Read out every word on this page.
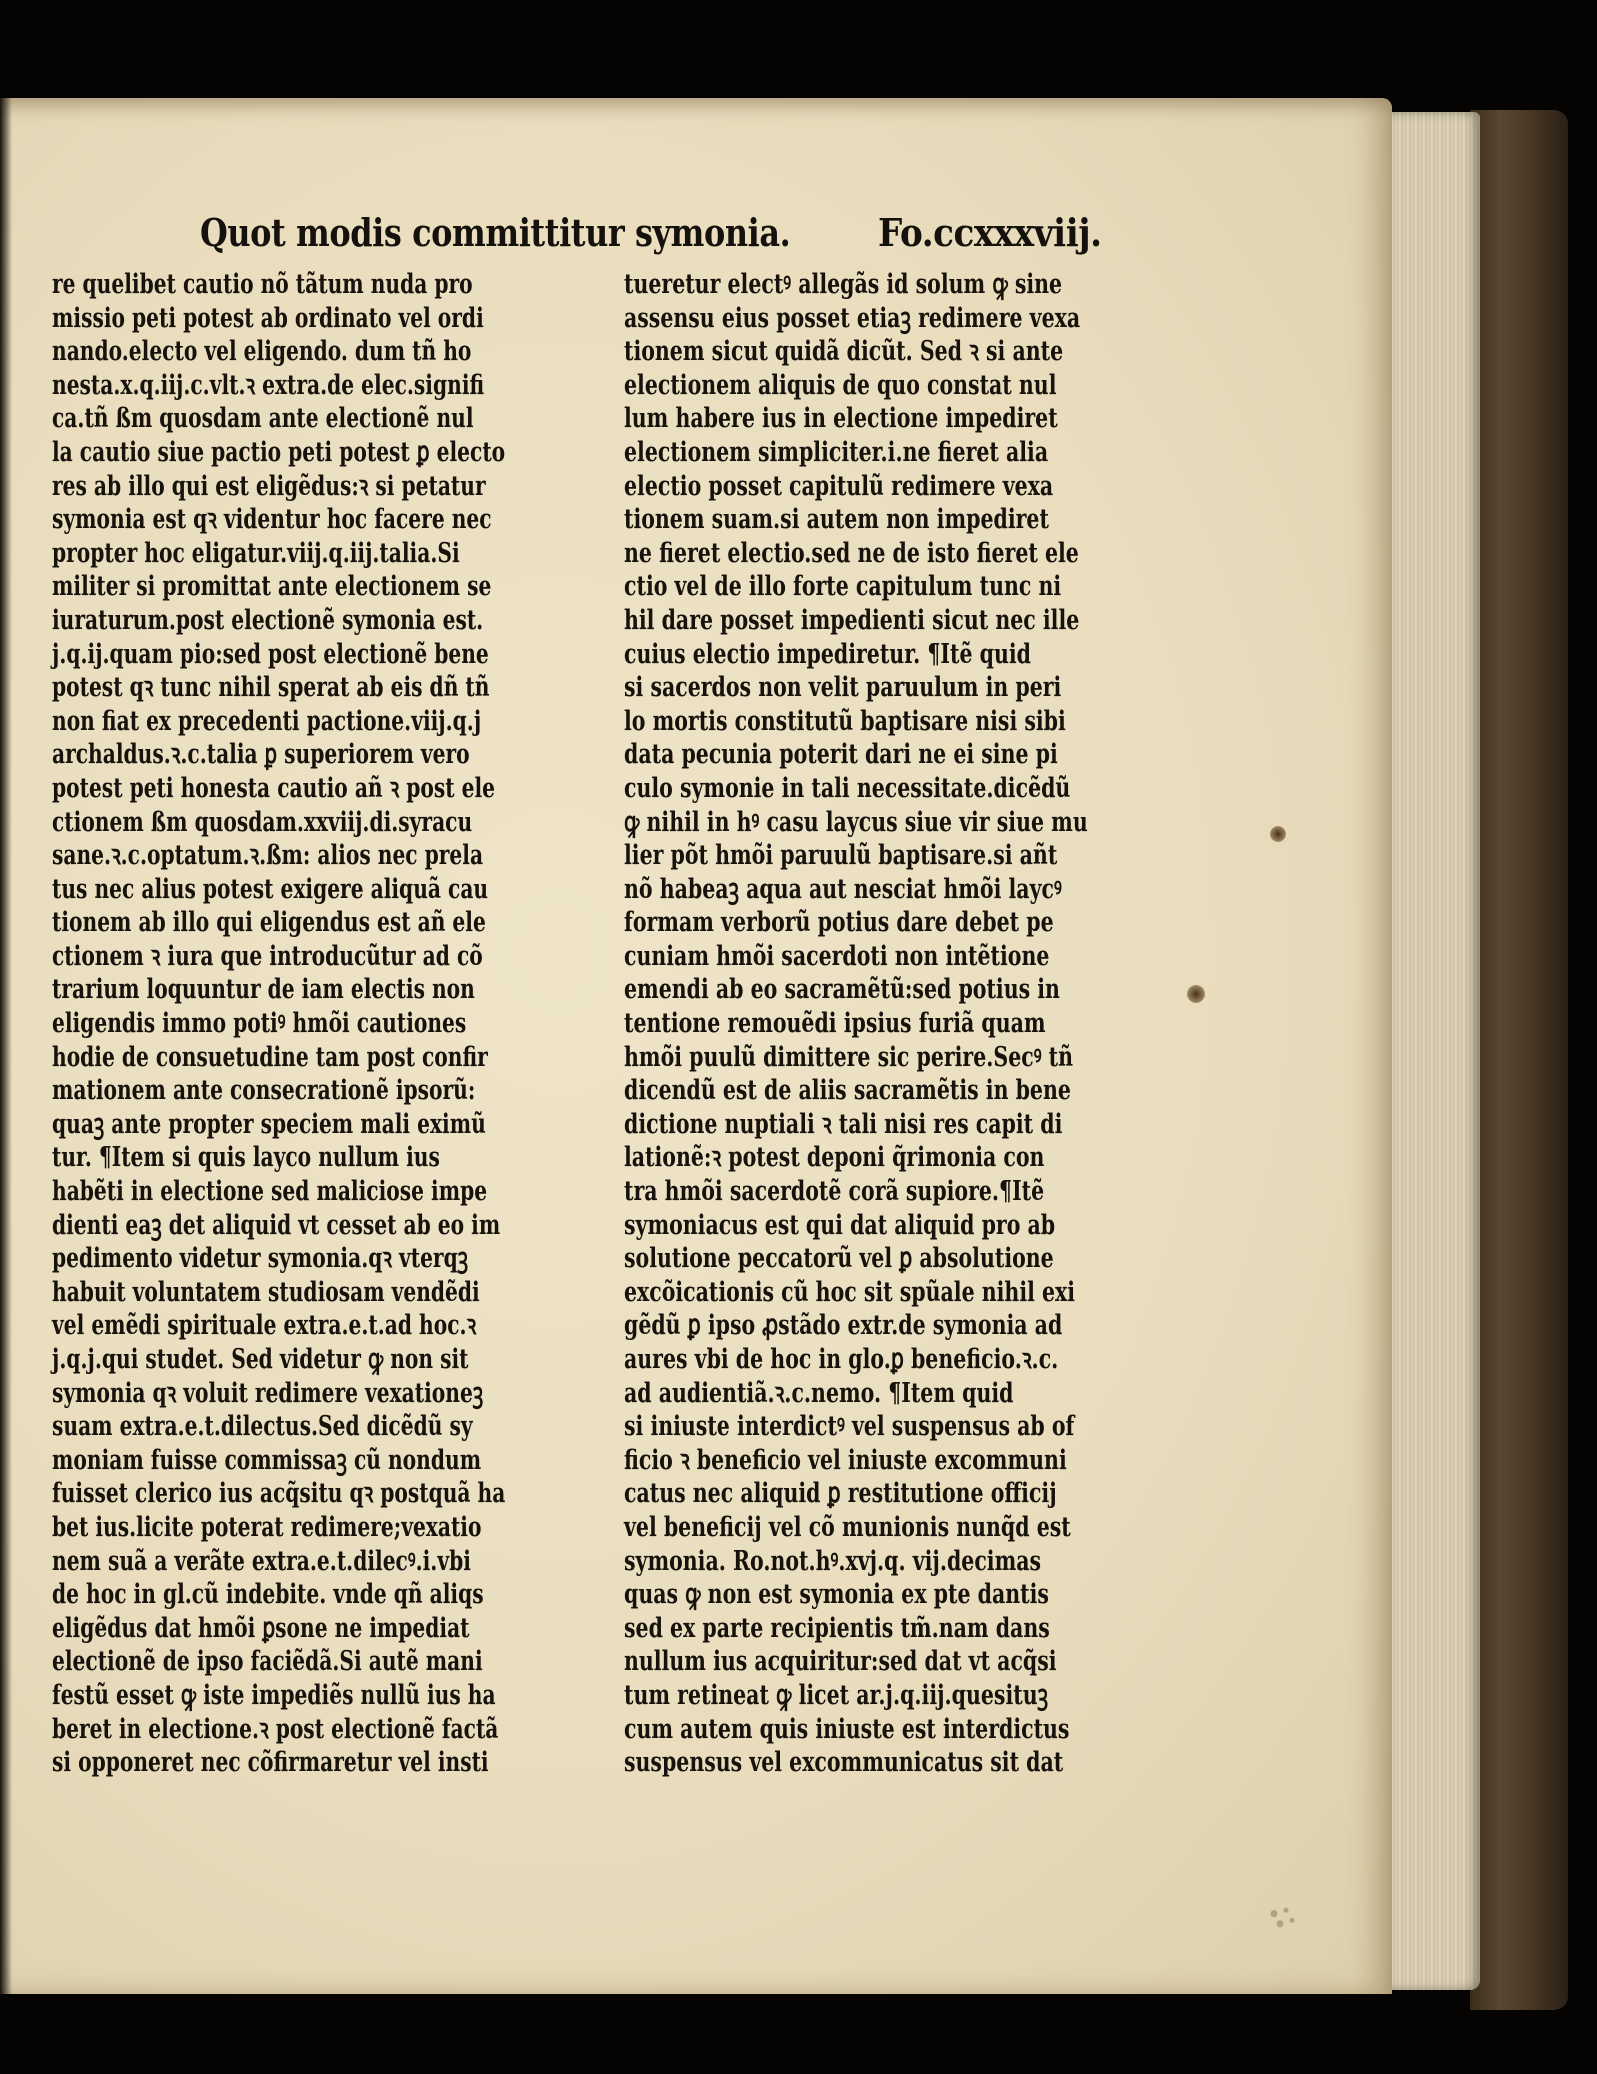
Quot modis committitur symonia. Fo.ccxxxviij.
re quelibet cautio nõ tãtum nuda pro
missio peti potest ab ordinato vel ordi
nando.electo vel eligendo. dum tñ ho
nesta.x.q.iij.c.vlt.ꝛ extra.de elec.signifi
ca.tñ ßm quosdam ante electionẽ nul
la cautio siue pactio peti potest ꝑ electo
res ab illo qui est eligẽdus:ꝛ si petatur
symonia est qꝛ videntur hoc facere nec
propter hoc eligatur.viij.q.iij.talia.Si
militer si promittat ante electionem se
iuraturum.post electionẽ symonia est.
j.q.ij.quam pio:sed post electionẽ bene
potest qꝛ tunc nihil sperat ab eis dñ tñ
non fiat ex precedenti pactione.viij.q.j
archaldus.ꝛ.c.talia ꝑ superiorem vero
potest peti honesta cautio añ ꝛ post ele
ctionem ßm quosdam.xxviij.di.syracu
sane.ꝛ.c.optatum.ꝛ.ßm: alios nec prela
tus nec alius potest exigere aliquã cau
tionem ab illo qui eligendus est añ ele
ctionem ꝛ iura que introducũtur ad cõ
trarium loquuntur de iam electis non
eligendis immo potiꝰ hmõi cautiones
hodie de consuetudine tam post confir
mationem ante consecrationẽ ipsorũ:
quaꝫ ante propter speciem mali eximũ
tur. ¶Item si quis layco nullum ius
habẽti in electione sed maliciose impe
dienti eaꝫ det aliquid vt cesset ab eo im
pedimento videtur symonia.qꝛ vterqꝫ
habuit voluntatem studiosam vendẽdi
vel emẽdi spirituale extra.e.t.ad hoc.ꝛ
j.q.j.qui studet. Sed videtur ꝙ non sit
symonia qꝛ voluit redimere vexationeꝫ
suam extra.e.t.dilectus.Sed dicẽdũ sy
moniam fuisse commissaꝫ cũ nondum
fuisset clerico ius acq̃situ qꝛ postquã ha
bet ius.licite poterat redimere;vexatio
nem suã a verãte extra.e.t.dilecꝰ.i.vbi
de hoc in gl.cũ indebite. vnde qñ aliqs
eligẽdus dat hmõi ꝑsone ne impediat
electionẽ de ipso faciẽdã.Si autẽ mani
festũ esset ꝙ iste impediẽs nullũ ius ha
beret in electione.ꝛ post electionẽ factã
si opponeret nec cõfirmaretur vel insti
tueretur electꝰ allegãs id solum ꝙ sine
assensu eius posset etiaꝫ redimere vexa
tionem sicut quidã dicũt. Sed ꝛ si ante
electionem aliquis de quo constat nul
lum habere ius in electione impediret
electionem simpliciter.i.ne fieret alia
electio posset capitulũ redimere vexa
tionem suam.si autem non impediret
ne fieret electio.sed ne de isto fieret ele
ctio vel de illo forte capitulum tunc ni
hil dare posset impedienti sicut nec ille
cuius electio impediretur. ¶Itẽ quid
si sacerdos non velit paruulum in peri
lo mortis constitutũ baptisare nisi sibi
data pecunia poterit dari ne ei sine pi
culo symonie in tali necessitate.dicẽdũ
ꝙ nihil in hꝰ casu laycus siue vir siue mu
lier põt hmõi paruulũ baptisare.si añt
nõ habeaꝫ aqua aut nesciat hmõi laycꝰ
formam verborũ potius dare debet pe
cuniam hmõi sacerdoti non intẽtione
emendi ab eo sacramẽtũ:sed potius in
tentione remouẽdi ipsius furiã quam
hmõi puulũ dimittere sic perire.Secꝰ tñ
dicendũ est de aliis sacramẽtis in bene
dictione nuptiali ꝛ tali nisi res capit di
lationẽ:ꝛ potest deponi q̃rimonia con
tra hmõi sacerdotẽ corã supiore.¶Itẽ
symoniacus est qui dat aliquid pro ab
solutione peccatorũ vel ꝑ absolutione
excõicationis cũ hoc sit spũale nihil exi
gẽdũ ꝑ ipso ꝓstãdo extr.de symonia ad
aures vbi de hoc in glo.ꝑ beneficio.ꝛ.c.
ad audientiã.ꝛ.c.nemo. ¶Item quid
si iniuste interdictꝰ vel suspensus ab of
ficio ꝛ beneficio vel iniuste excommuni
catus nec aliquid ꝑ restitutione officij
vel beneficij vel cõ munionis nunq̃d est
symonia. Ro.not.hꝰ.xvj.q. vij.decimas
quas ꝙ non est symonia ex pte dantis
sed ex parte recipientis tm̃.nam dans
nullum ius acquiritur:sed dat vt acq̃si
tum retineat ꝙ licet ar.j.q.iij.quesituꝫ
cum autem quis iniuste est interdictus
suspensus vel excommunicatus sit dat
